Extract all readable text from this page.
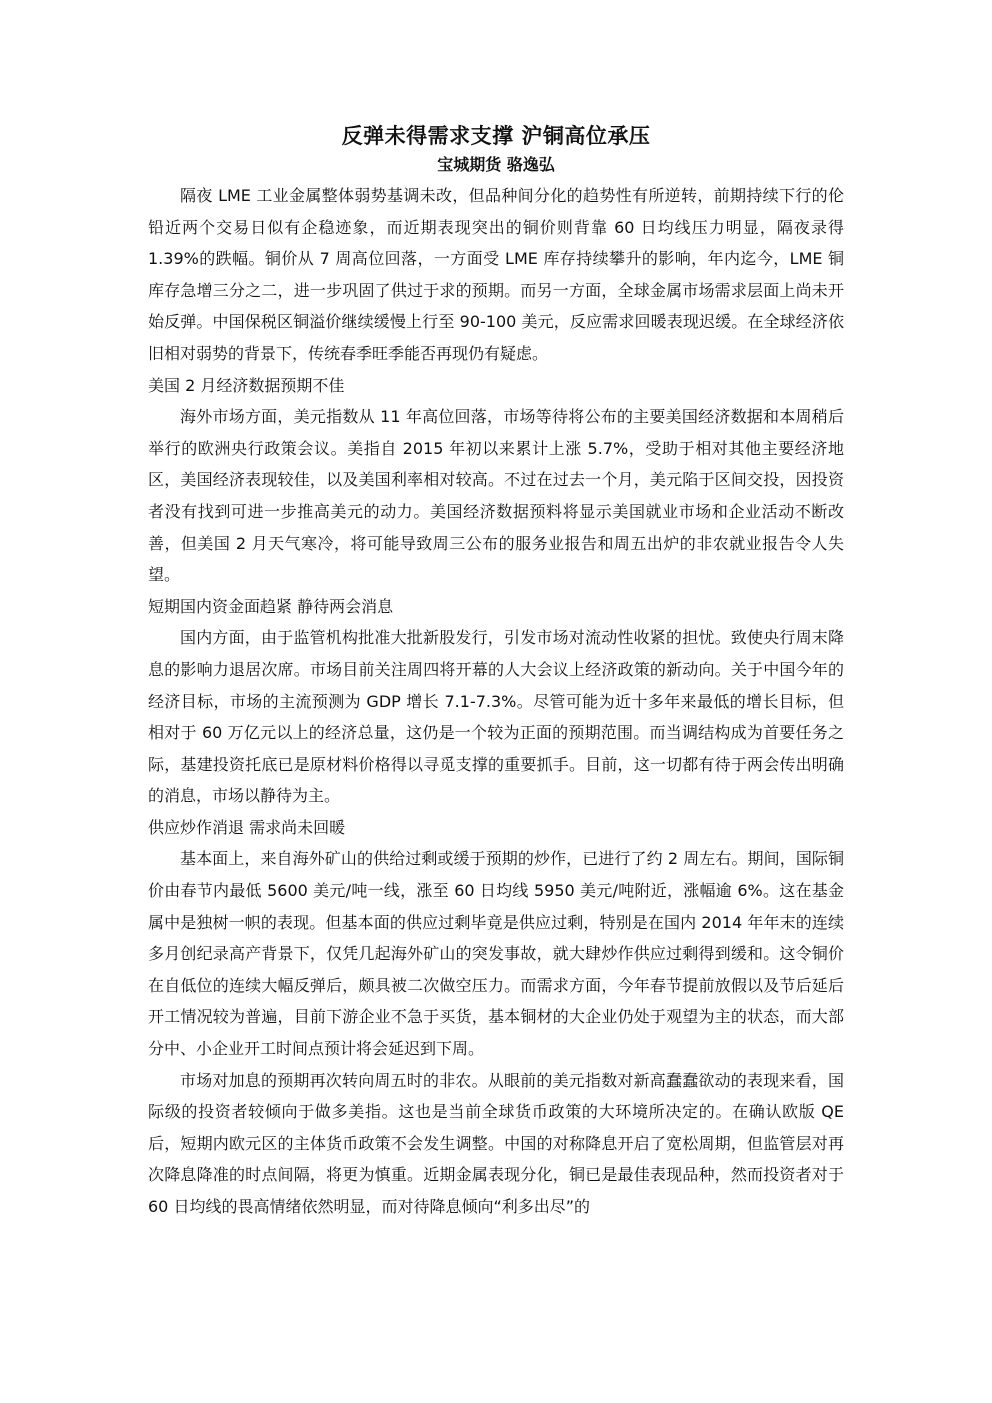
反弹未得需求支撑 沪铜高位承压
宝城期货 骆逸弘

隔夜 LME 工业金属整体弱势基调未改，但品种间分化的趋势性有所逆转，前期持续下行的伦铅近两个交易日似有企稳迹象，而近期表现突出的铜价则背靠 60 日均线压力明显，隔夜录得 1.39%的跌幅。铜价从 7 周高位回落，一方面受 LME 库存持续攀升的影响，年内迄今，LME 铜库存急增三分之二，进一步巩固了供过于求的预期。而另一方面，全球金属市场需求层面上尚未开始反弹。中国保税区铜溢价继续缓慢上行至 90-100 美元，反应需求回暖表现迟缓。在全球经济依旧相对弱势的背景下，传统春季旺季能否再现仍有疑虑。

美国 2 月经济数据预期不佳

海外市场方面，美元指数从 11 年高位回落，市场等待将公布的主要美国经济数据和本周稍后举行的欧洲央行政策会议。美指自 2015 年初以来累计上涨 5.7%，受助于相对其他主要经济地区，美国经济表现较佳，以及美国利率相对较高。不过在过去一个月，美元陷于区间交投，因投资者没有找到可进一步推高美元的动力。美国经济数据预料将显示美国就业市场和企业活动不断改善，但美国 2 月天气寒冷，将可能导致周三公布的服务业报告和周五出炉的非农就业报告令人失望。

短期国内资金面趋紧 静待两会消息

国内方面，由于监管机构批准大批新股发行，引发市场对流动性收紧的担忧。致使央行周末降息的影响力退居次席。市场目前关注周四将开幕的人大会议上经济政策的新动向。关于中国今年的经济目标，市场的主流预测为 GDP 增长 7.1-7.3%。尽管可能为近十多年来最低的增长目标，但相对于 60 万亿元以上的经济总量，这仍是一个较为正面的预期范围。而当调结构成为首要任务之际，基建投资托底已是原材料价格得以寻觅支撑的重要抓手。目前，这一切都有待于两会传出明确的消息，市场以静待为主。

供应炒作消退 需求尚未回暖

基本面上，来自海外矿山的供给过剩或缓于预期的炒作，已进行了约 2 周左右。期间，国际铜价由春节内最低 5600 美元/吨一线，涨至 60 日均线 5950 美元/吨附近，涨幅逾 6%。这在基金属中是独树一帜的表现。但基本面的供应过剩毕竟是供应过剩，特别是在国内 2014 年年末的连续多月创纪录高产背景下，仅凭几起海外矿山的突发事故，就大肆炒作供应过剩得到缓和。这令铜价在自低位的连续大幅反弹后，颇具被二次做空压力。而需求方面，今年春节提前放假以及节后延后开工情况较为普遍，目前下游企业不急于买货，基本铜材的大企业仍处于观望为主的状态，而大部分中、小企业开工时间点预计将会延迟到下周。

市场对加息的预期再次转向周五时的非农。从眼前的美元指数对新高蠢蠢欲动的表现来看，国际级的投资者较倾向于做多美指。这也是当前全球货币政策的大环境所决定的。在确认欧版 QE 后，短期内欧元区的主体货币政策不会发生调整。中国的对称降息开启了宽松周期，但监管层对再次降息降准的时点间隔，将更为慎重。近期金属表现分化，铜已是最佳表现品种，然而投资者对于 60 日均线的畏高情绪依然明显，而对待降息倾向“利多出尽”的
